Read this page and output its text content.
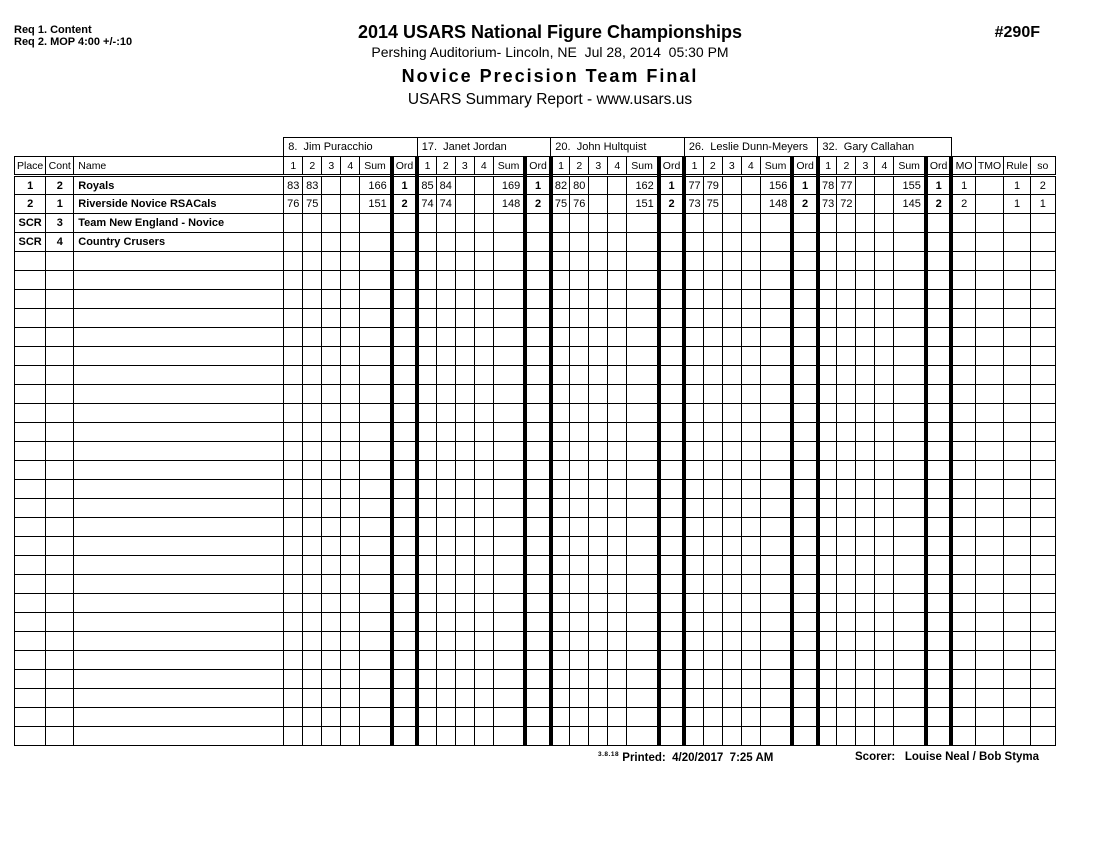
Req 1. Content
Req 2. MOP 4:00 +/-:10	2014 USARS National Figure Championships
Pershing Auditorium- Lincoln, NE  Jul 28, 2014  05:30 PM
Novice Precision Team Final
USARS Summary Report - www.usars.us
#290F
			8.  Jim Puracchio						17.  Janet Jordan						20.  John Hultquist						26.  Leslie Dunn-Meyers						32.  Gary Callahan									
Place	Cont	Name	1	2	3	4	Sum	Ord	1	2	3	4	Sum	Ord	1	2	3	4	Sum	Ord	1	2	3	4	Sum	Ord	1	2	3	4	Sum	Ord	MO	TMO	Rule	so
1	2	Royals	83	83			166	1	85	84			169	1	82	80			162	1	77	79			156	1	78	77			155	1	1		1	2
2	1	Riverside Novice RSACals	76	75			151	2	74	74			148	2	75	76			151	2	73	75			148	2	73	72			145	2	2		1	1
SCR	3	Team New England - Novice																																		
SCR	4	Country Crusers																																		

$^{3.8.18}$ Printed:  4/20/2017  7:25 AM	Scorer:   Louise Neal / Bob Styma
